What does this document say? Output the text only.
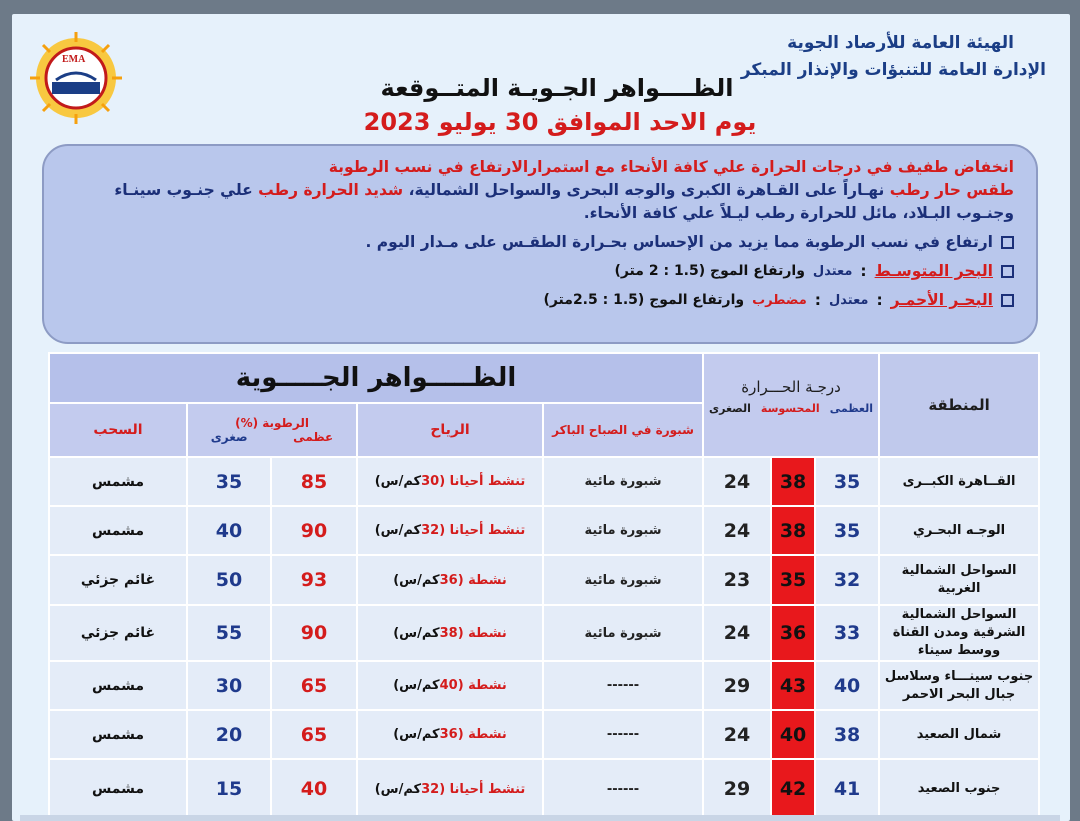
EMA
الهيئة العامة للأرصاد الجوية
الإدارة العامة للتنبؤات والإنذار المبكر
الظــــواهر الجـويـة المتــوقعة
يوم الاحد الموافق 30 يوليو 2023
انخفاض طفيف في درجات الحرارة علي كافة الأنحاء مع استمرارالارتفاع في نسب الرطوبة
طقس حار رطب نهـاراً على القـاهرة الكبرى والوجه البحرى والسواحل الشمالية، شديد الحرارة رطب علي جنـوب سينـاء
وجنـوب البـلاد، مائل للحرارة رطب ليـلاً علي كافة الأنحاء.
ارتفاع في نسب الرطوبة مما يزيد من الإحساس بحـرارة الطقـس على مـدار اليوم .
البحر المتوسـط
:
معتدل
وارتفاع الموج (1.5 : 2 متر)
البحـر الأحمـر
:
معتدل
:
مضطرب
وارتفاع الموج (1.5 : 2.5متر)
المنطقة	درجـة الحـــرارة
العظمى
المحسوسة
الصغرى			الظـــــواهر الجـــــوية				
				شبورة في الصباح الباكر	الرياح	الرطوبة (%)
عظمى
صغرى		السحب
القــاهرة الكبــرى	35	38	24	شبورة مائية	تنشط أحيانا (30كم/س)	85	35	مشمس
الوجـه البحـري	35	38	24	شبورة مائية	تنشط أحيانا (32كم/س)	90	40	مشمس
السواحل الشمالية الغربية	32	35	23	شبورة مائية	نشطة (36كم/س)	93	50	غائم جزئي
السواحل الشمالية الشرقية ومدن القناة ووسط سيناء	33	36	24	شبورة مائية	نشطة (38كم/س)	90	55	غائم جزئي
جنوب سينـــاء وسلاسل جبال البحر الاحمر	40	43	29	------	نشطة (40كم/س)	65	30	مشمس
شمال الصعيد	38	40	24	------	نشطة (36كم/س)	65	20	مشمس
جنوب الصعيد	41	42	29	------	تنشط أحيانا (32كم/س)	40	15	مشمس
